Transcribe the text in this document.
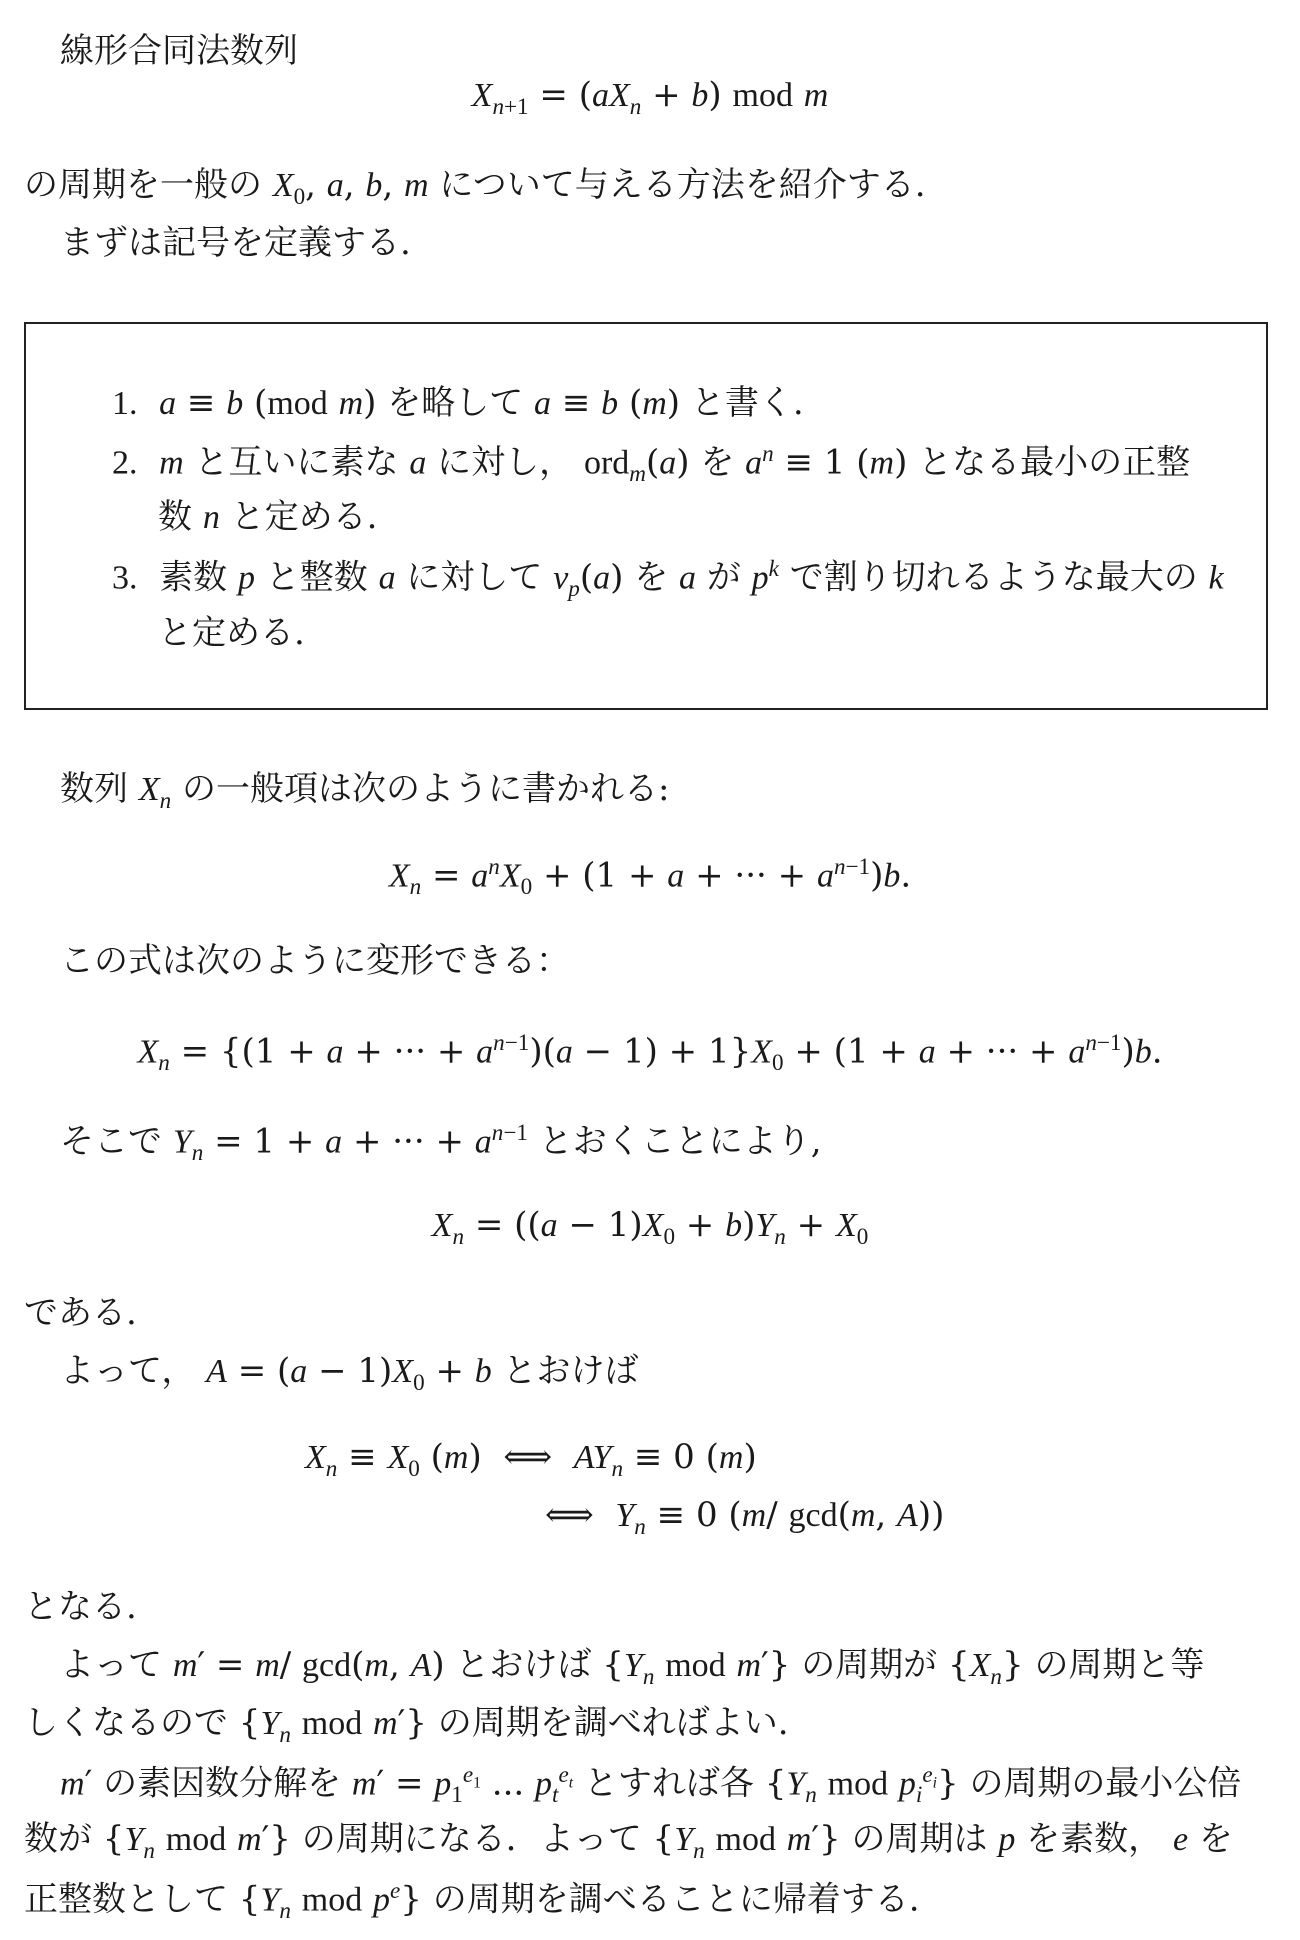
線形合同法数列
$X_{n+1} = (aX_n + b)$ mod m
の周期を一般の $X_0$, a, b, m について与える方法を紹介する.
まずは記号を定義する.
1. a ≡ b (mod m) を略して a ≡ b (m) と書く.
2. m と互いに素な a に対し， ord$_m$(a) を $a^n \equiv 1$ (m) となる最小の正整
数 n と定める.
3. 素数 p と整数 a に対して $v_p(a)$ を a が $p^k$ で割り切れるような最大の k
と定める.
数列 $X_n$ の一般項は次のように書かれる:
$X_n = a^nX_0 + (1 + a$ + ··· + $a^{n-1})b$.
この式は次のように変形できる：
$X_n = \{(1 + a$ + ··· + $a^{n-1})(a - 1) + 1\}X_0 + (1 + a$ + ··· + $a^{n-1})b$.
そこで $Y_n = 1 + a$ + ··· + $a^{n-1}$ とおくことにより,
$X_n = ((a - 1)X_0 + b)Y_n + X_0$
である.
よって， $A = (a - 1)X_0 + b$ とおけば
$X_n \equiv X_0$ (m)  ⟺  $AY_n \equiv 0$ (m)
⟺  $Y_n \equiv 0$ (m/ gcd(m, A))
となる.
よって m′ = m/ gcd(m, A) とおけば {$Y_n$ mod m′} の周期が $\{X_n\}$ の周期と等
しくなるので {$Y_n$ mod m′} の周期を調べればよい.
m′ の素因数分解を $m' = p_1^{e_1}$ ... $p_t^{e_t}$ とすれば各 {$Y_n$ mod $p_i^{e_i}$} の周期の最小公倍
数が {$Y_n$ mod m′} の周期になる．よって {$Y_n$ mod m′} の周期は p を素数， e を
正整数として {$Y_n$ mod $p^e$} の周期を調べることに帰着する.
